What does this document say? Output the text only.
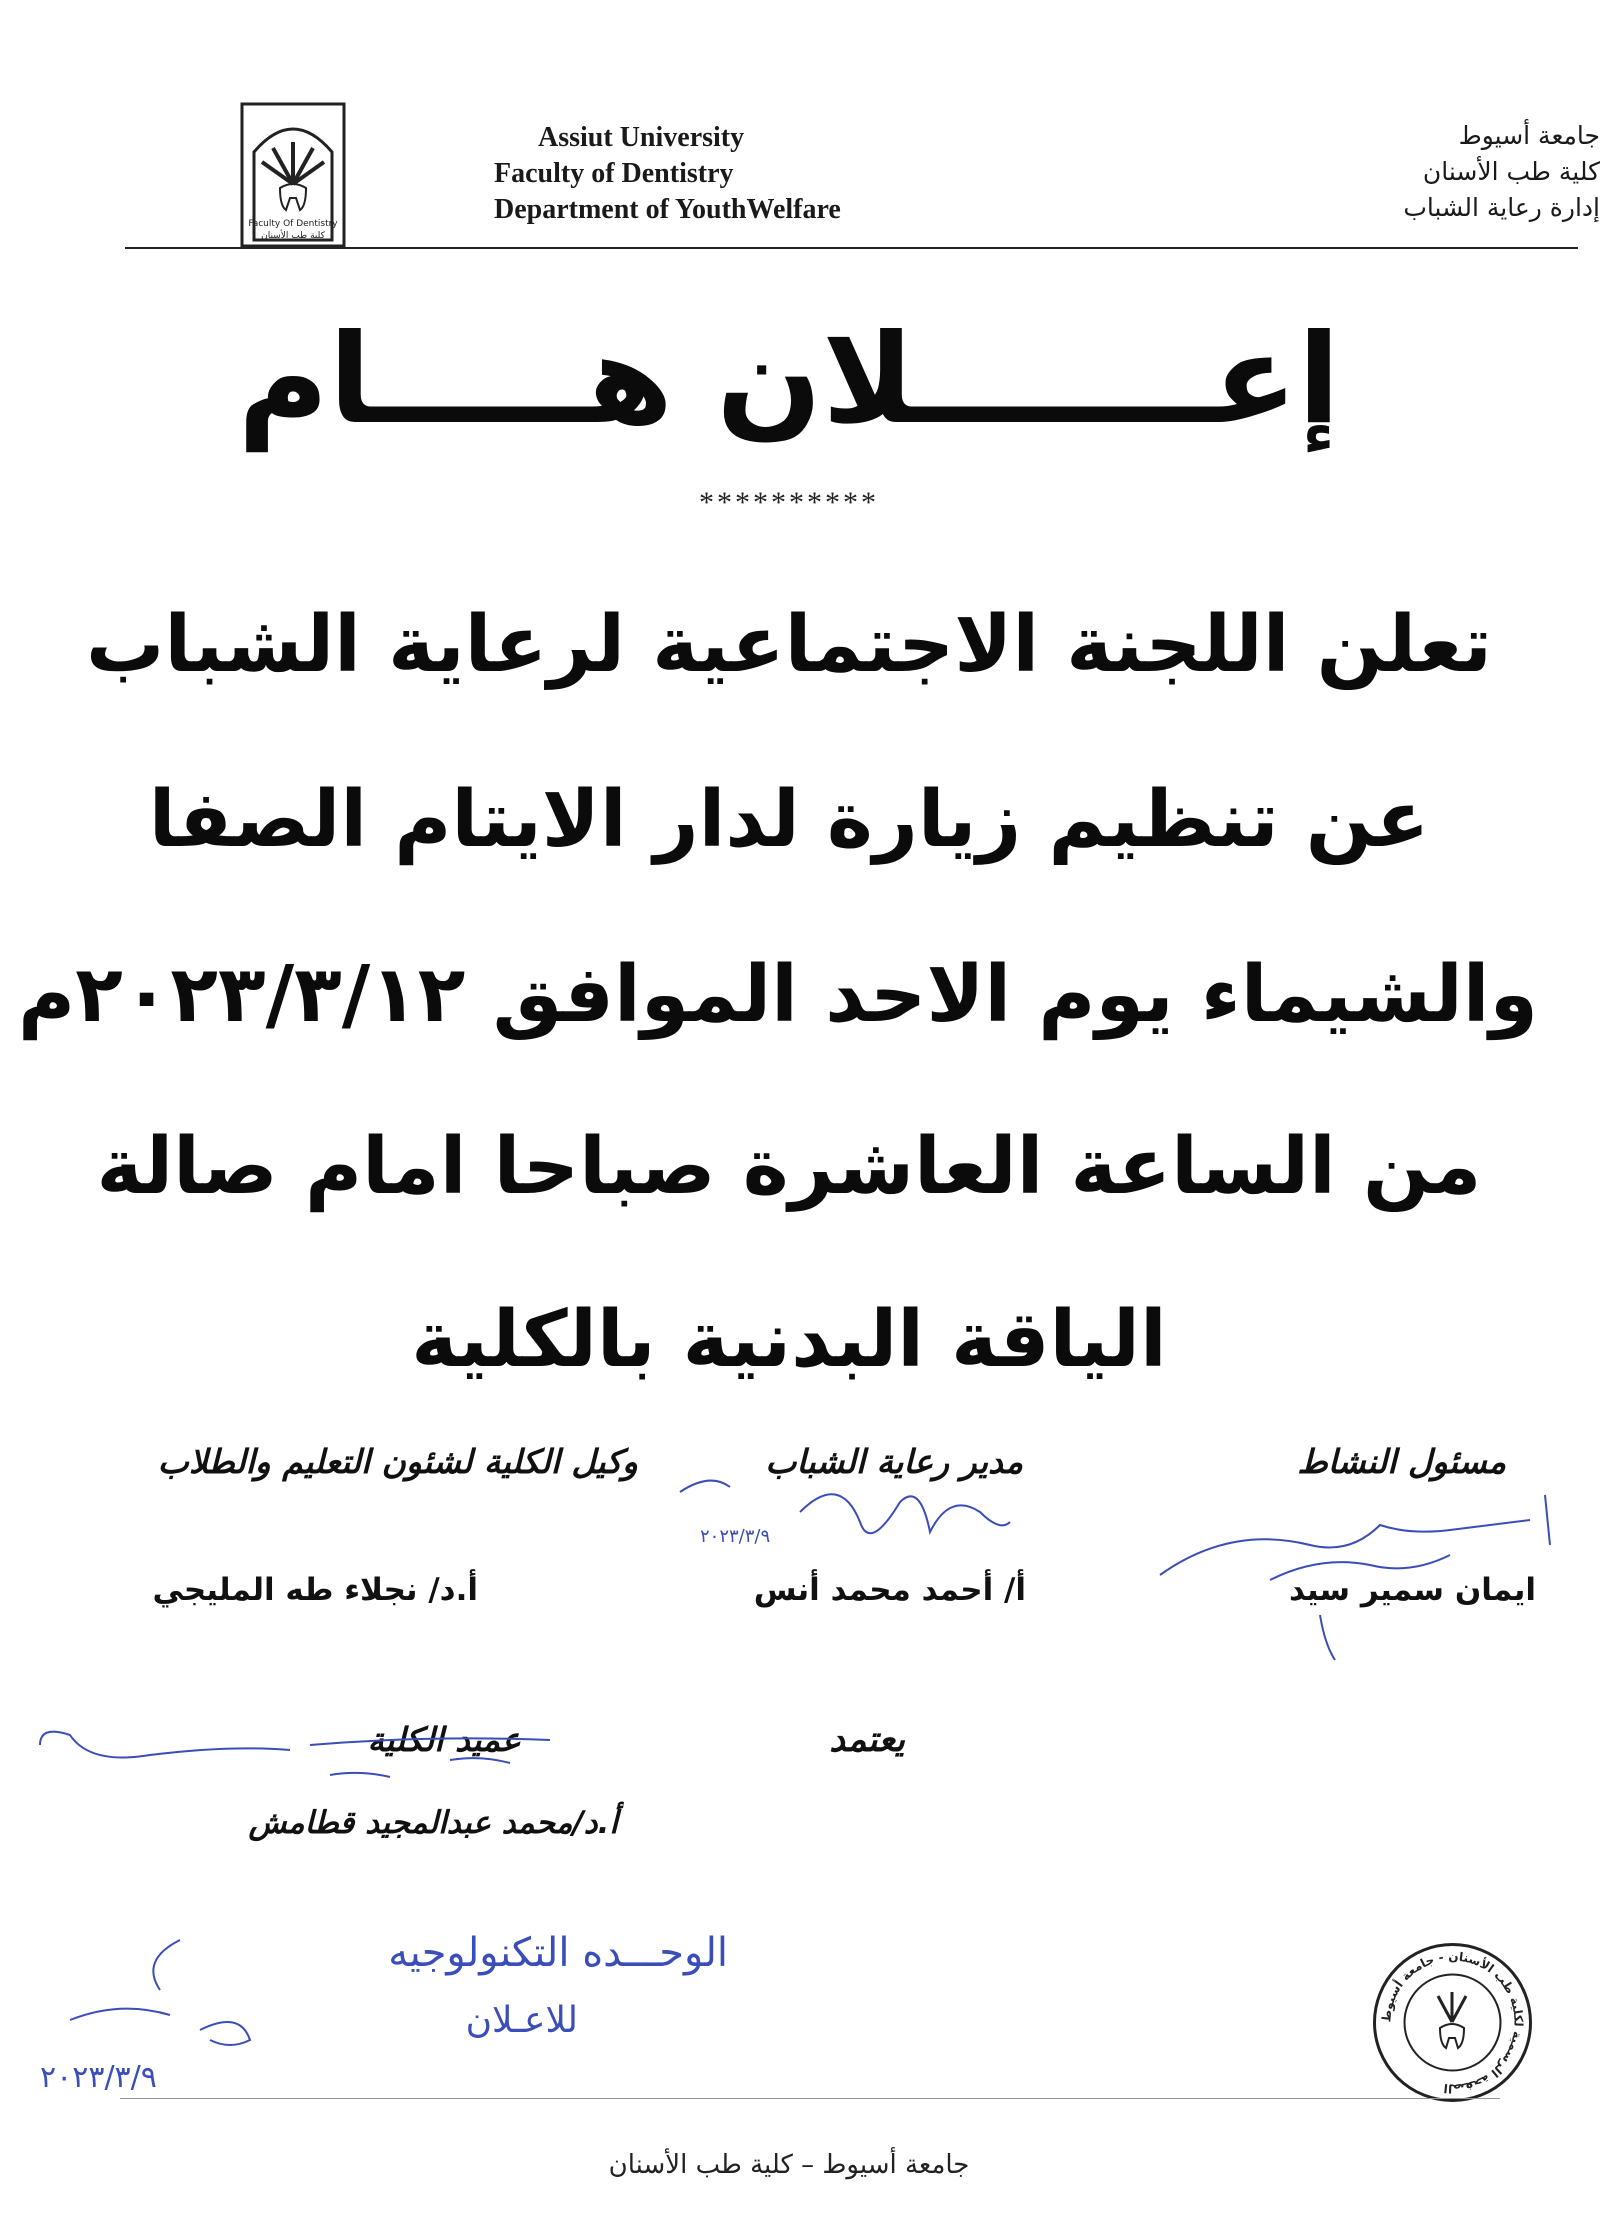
Faculty Of Dentistry
كلية طب الأسنان
Assiut University
Faculty of Dentistry
Department of YouthWelfare
جامعة أسيوط
كلية طب الأسنان
إدارة رعاية الشباب
إعـــــــلان هـــــام
**********
تعلن اللجنة الاجتماعية لرعاية الشباب
عن تنظيم زيارة لدار الايتام الصفا
والشيماء يوم الاحد الموافق ٢٠٢٣/٣/١٢م
من الساعة العاشرة صباحا امام صالة
الياقة البدنية بالكلية
مسئول النشاط
مدير رعاية الشباب
وكيل الكلية لشئون التعليم والطلاب
ايمان سمير سيد
أ/ أحمد محمد أنس
أ.د/ نجلاء طه المليجي
٢٠٢٣/٣/٩
يعتمد
عميد الكلية
أ.د/محمد عبدالمجيد قطامش
الوحـــده التكنولوجيه
للاعـلان
٢٠٢٣/٣/٩
الصفحة الرسمية لكلية طب الأسنان - جامعة أسيوط
جامعة أسيوط – كلية طب الأسنان
